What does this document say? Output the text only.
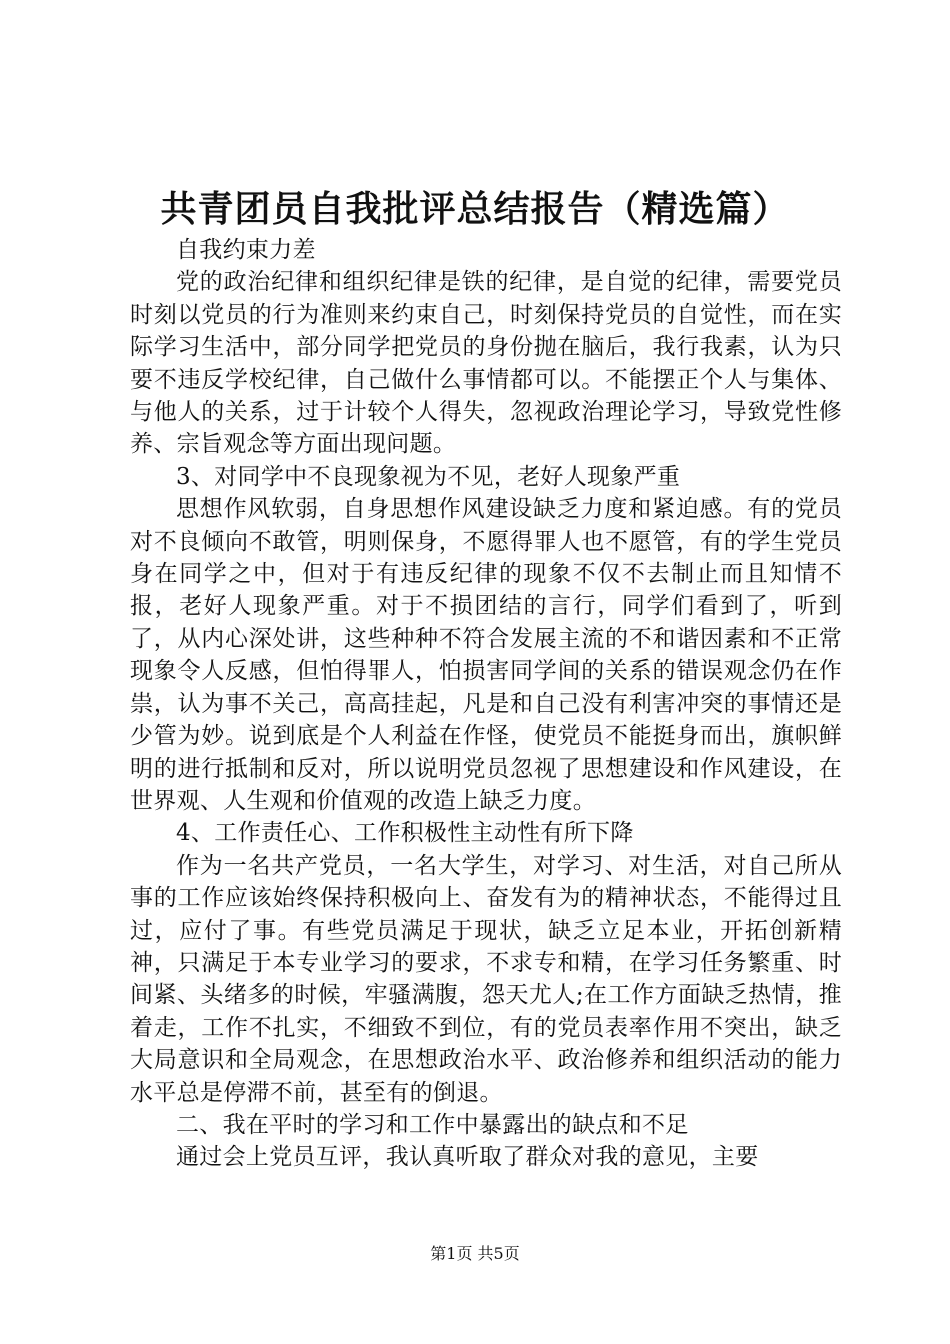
共青团员自我批评总结报告（精选篇）

自我约束力差

党的政治纪律和组织纪律是铁的纪律，是自觉的纪律，需要党员时刻以党员的行为准则来约束自己，时刻保持党员的自觉性，而在实际学习生活中，部分同学把党员的身份抛在脑后，我行我素，认为只要不违反学校纪律，自己做什么事情都可以。不能摆正个人与集体、与他人的关系，过于计较个人得失，忽视政治理论学习，导致党性修养、宗旨观念等方面出现问题。

3、对同学中不良现象视为不见，老好人现象严重

思想作风软弱，自身思想作风建设缺乏力度和紧迫感。有的党员对不良倾向不敢管，明则保身，不愿得罪人也不愿管，有的学生党员身在同学之中，但对于有违反纪律的现象不仅不去制止而且知情不报，老好人现象严重。对于不损团结的言行，同学们看到了，听到了，从内心深处讲，这些种种不符合发展主流的不和谐因素和不正常现象令人反感，但怕得罪人，怕损害同学间的关系的错误观念仍在作祟，认为事不关己，高高挂起，凡是和自己没有利害冲突的事情还是少管为妙。说到底是个人利益在作怪，使党员不能挺身而出，旗帜鲜明的进行抵制和反对，所以说明党员忽视了思想建设和作风建设，在世界观、人生观和价值观的改造上缺乏力度。

4、工作责任心、工作积极性主动性有所下降

作为一名共产党员，一名大学生，对学习、对生活，对自己所从事的工作应该始终保持积极向上、奋发有为的精神状态，不能得过且过，应付了事。有些党员满足于现状，缺乏立足本业，开拓创新精神，只满足于本专业学习的要求，不求专和精，在学习任务繁重、时间紧、头绪多的时候，牢骚满腹，怨天尤人;在工作方面缺乏热情，推着走，工作不扎实，不细致不到位，有的党员表率作用不突出，缺乏大局意识和全局观念，在思想政治水平、政治修养和组织活动的能力水平总是停滞不前，甚至有的倒退。

二、我在平时的学习和工作中暴露出的缺点和不足

通过会上党员互评，我认真听取了群众对我的意见，主要

第1页 共5页
